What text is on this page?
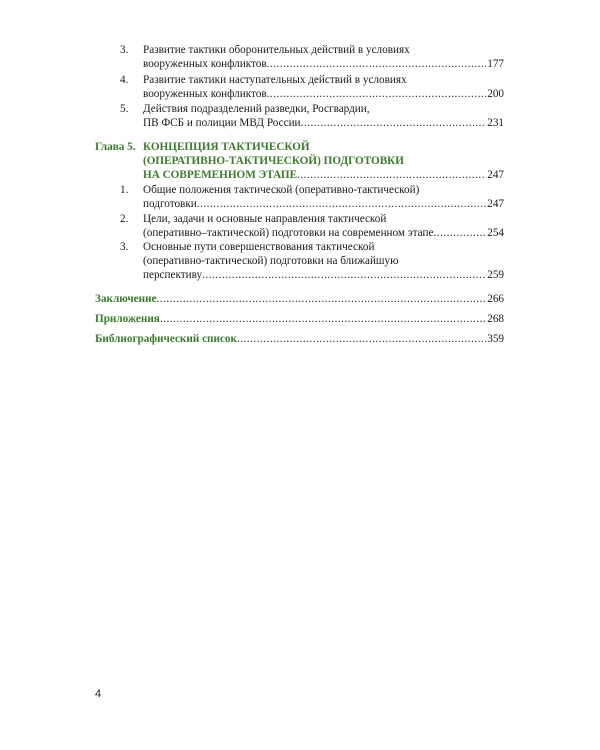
3. Развитие тактики оборонительных действий в условиях
вооруженных конфликтов .....	177
4. Развитие тактики наступательных действий в условиях
вооруженных конфликтов .....	200
5. Действия подразделений разведки, Росгвардии,
ПВ ФСБ и полиции МВД России .....	231
Глава 5. КОНЦЕПЦИЯ ТАКТИЧЕСКОЙ
(ОПЕРАТИВНО-ТАКТИЧЕСКОЙ) ПОДГОТОВКИ
НА СОВРЕМЕННОМ ЭТАПЕ .....	247
1. Общие положения тактической (оперативно-тактической)
подготовки .....	247
2. Цели, задачи и основные направления тактической
(оперативно–тактической) подготовки на современном этапе .....	254
3. Основные пути совершенствования тактической
(оперативно-тактической) подготовки на ближайшую
перспективу .....	259
Заключение .....	266
Приложения .....	268
Библиографический список .....	359
4
